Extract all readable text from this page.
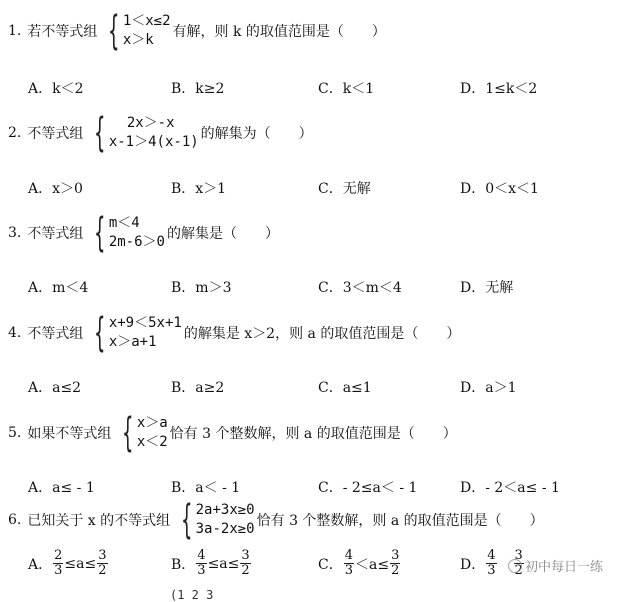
1. 若不等式组 { 1＜x≤2
x＞k	有解，则 k 的取值范围是（　　）
A．k＜2	B．k≥2	C．k＜1	D．1≤k＜2
2. 不等式组 {	2x＞-x
x-1＞4(x-1) 的解集为（　　）
A．x＞0	B．x＞1	C．无解	D．0＜x＜1
3. 不等式组 { m＜4
2m-6＞0 的解集是（　　）
A．m＜4	B．m＞3	C．3＜m＜4	D．无解
4. 不等式组 { x+9＜5x+1
x＞a+1	的解集是 x＞2，则 a 的取值范围是（　　）
A．a≤2	B．a≥2	C．a≤1	D．a＞1
5. 如果不等式组 { x＞a
x＜2 恰有 3 个整数解，则 a 的取值范围是（　　）
A．a≤ - 1	B．a＜ - 1	C．- 2≤a＜ - 1	D．- 2＜a≤ - 1
6. 已知关于 x 的不等式组 { 2a+3x≥0
3a-2x≥0 恰有 3 个整数解，则 a 的取值范围是（　　）
A． $\frac{2}{3} \le a\le \frac{3}{2}$	B． $\frac{4}{3} \le a\le \frac{3}{2}$	C． $\frac{4}{3} <a\le \frac{3}{2}$	D． $\frac{4}{3} \frac{3}{2}$ 初中每日一练
(1 2 3
